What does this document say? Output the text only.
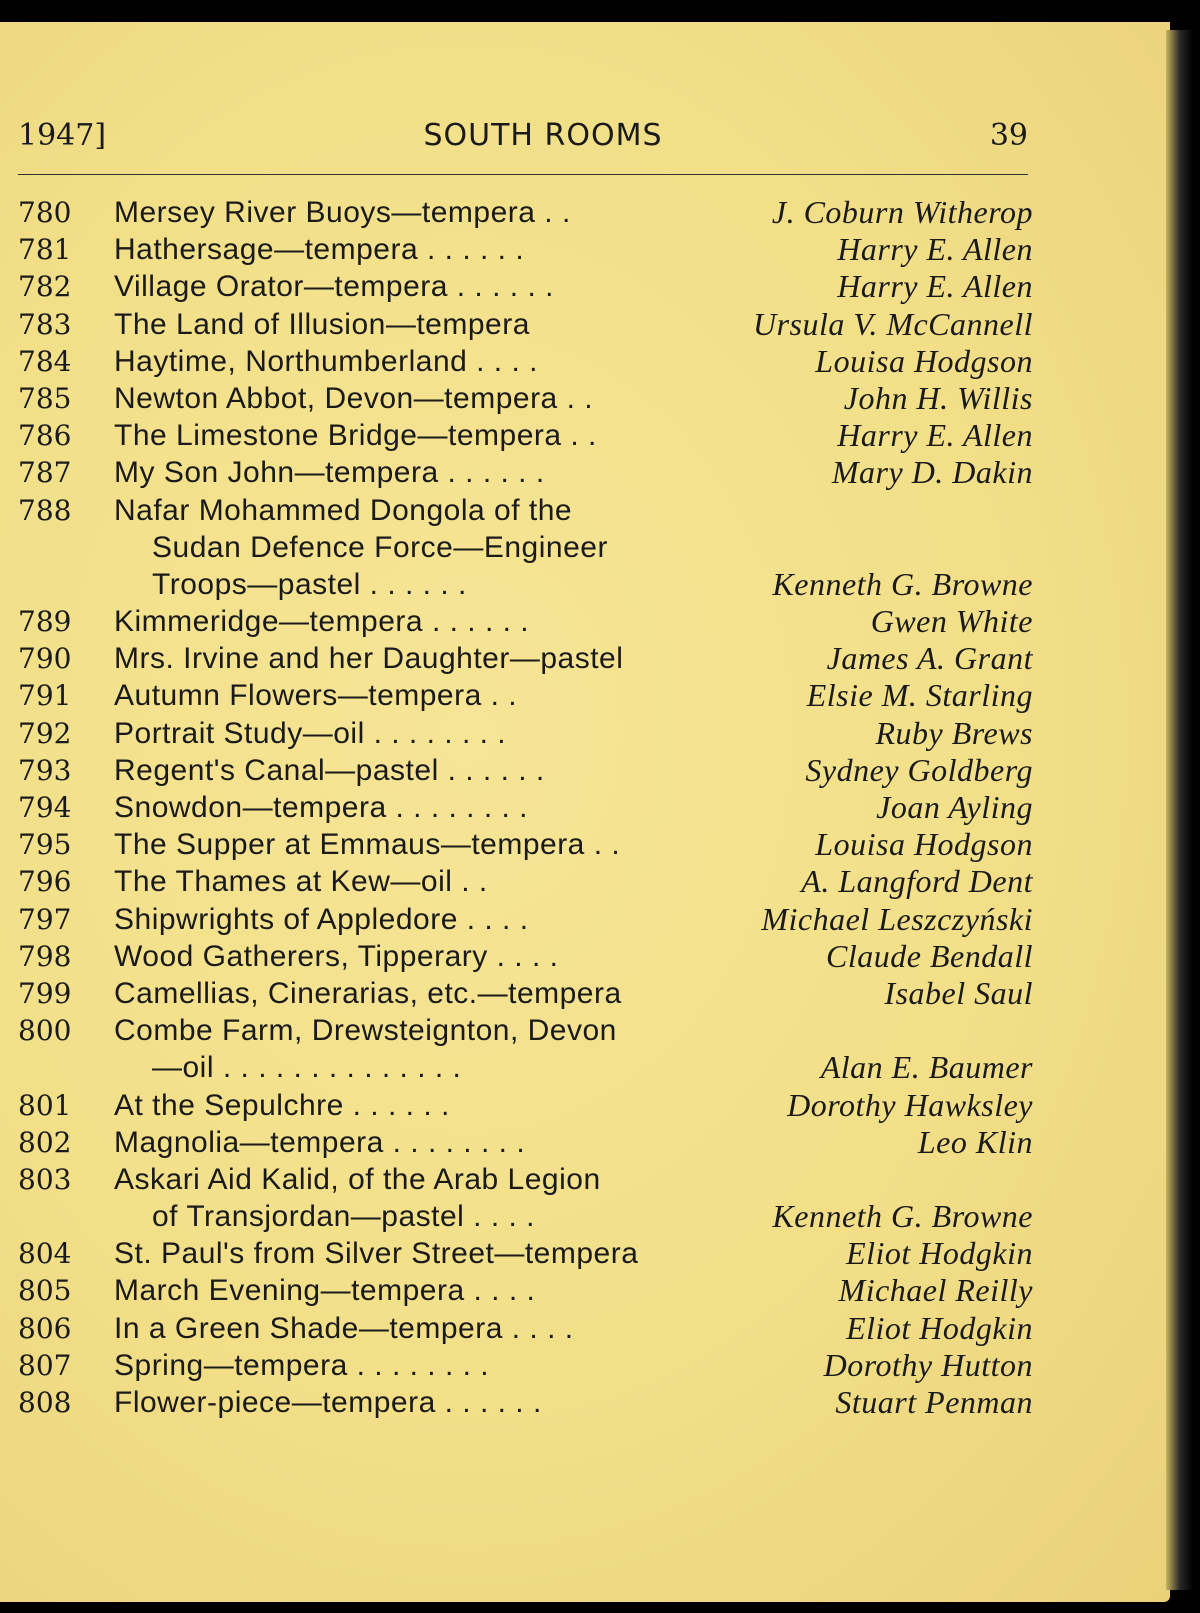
1947]	SOUTH ROOMS	39
780	Mersey River Buoys—tempera . .	J. Coburn Witherop
781	Hathersage—tempera . . . . . .	Harry E. Allen
782	Village Orator—tempera . . . . . .	Harry E. Allen
783	The Land of Illusion—tempera	Ursula V. McCannell
784	Haytime, Northumberland . . . .	Louisa Hodgson
785	Newton Abbot, Devon—tempera . .	John H. Willis
786	The Limestone Bridge—tempera . .	Harry E. Allen
787	My Son John—tempera . . . . . .	Mary D. Dakin
788	Nafar Mohammed Dongola of the
Sudan Defence Force—Engineer
Troops—pastel . . . . . .	Kenneth G. Browne
789	Kimmeridge—tempera . . . . . .	Gwen White
790	Mrs. Irvine and her Daughter—pastel	James A. Grant
791	Autumn Flowers—tempera . .	Elsie M. Starling
792	Portrait Study—oil . . . . . . . .	Ruby Brews
793	Regent's Canal—pastel . . . . . .	Sydney Goldberg
794	Snowdon—tempera . . . . . . . .	Joan Ayling
795	The Supper at Emmaus—tempera . .	Louisa Hodgson
796	The Thames at Kew—oil . .	A. Langford Dent
797	Shipwrights of Appledore . . . .	Michael Leszczyński
798	Wood Gatherers, Tipperary . . . .	Claude Bendall
799	Camellias, Cinerarias, etc.—tempera	Isabel Saul
800	Combe Farm, Drewsteignton, Devon
—oil . . . . . . . . . . . . . .	Alan E. Baumer
801	At the Sepulchre . . . . . .	Dorothy Hawksley
802	Magnolia—tempera . . . . . . . .	Leo Klin
803	Askari Aid Kalid, of the Arab Legion
of Transjordan—pastel . . . .	Kenneth G. Browne
804	St. Paul's from Silver Street—tempera	Eliot Hodgkin
805	March Evening—tempera . . . .	Michael Reilly
806	In a Green Shade—tempera . . . .	Eliot Hodgkin
807	Spring—tempera . . . . . . . .	Dorothy Hutton
808	Flower-piece—tempera . . . . . .	Stuart Penman
